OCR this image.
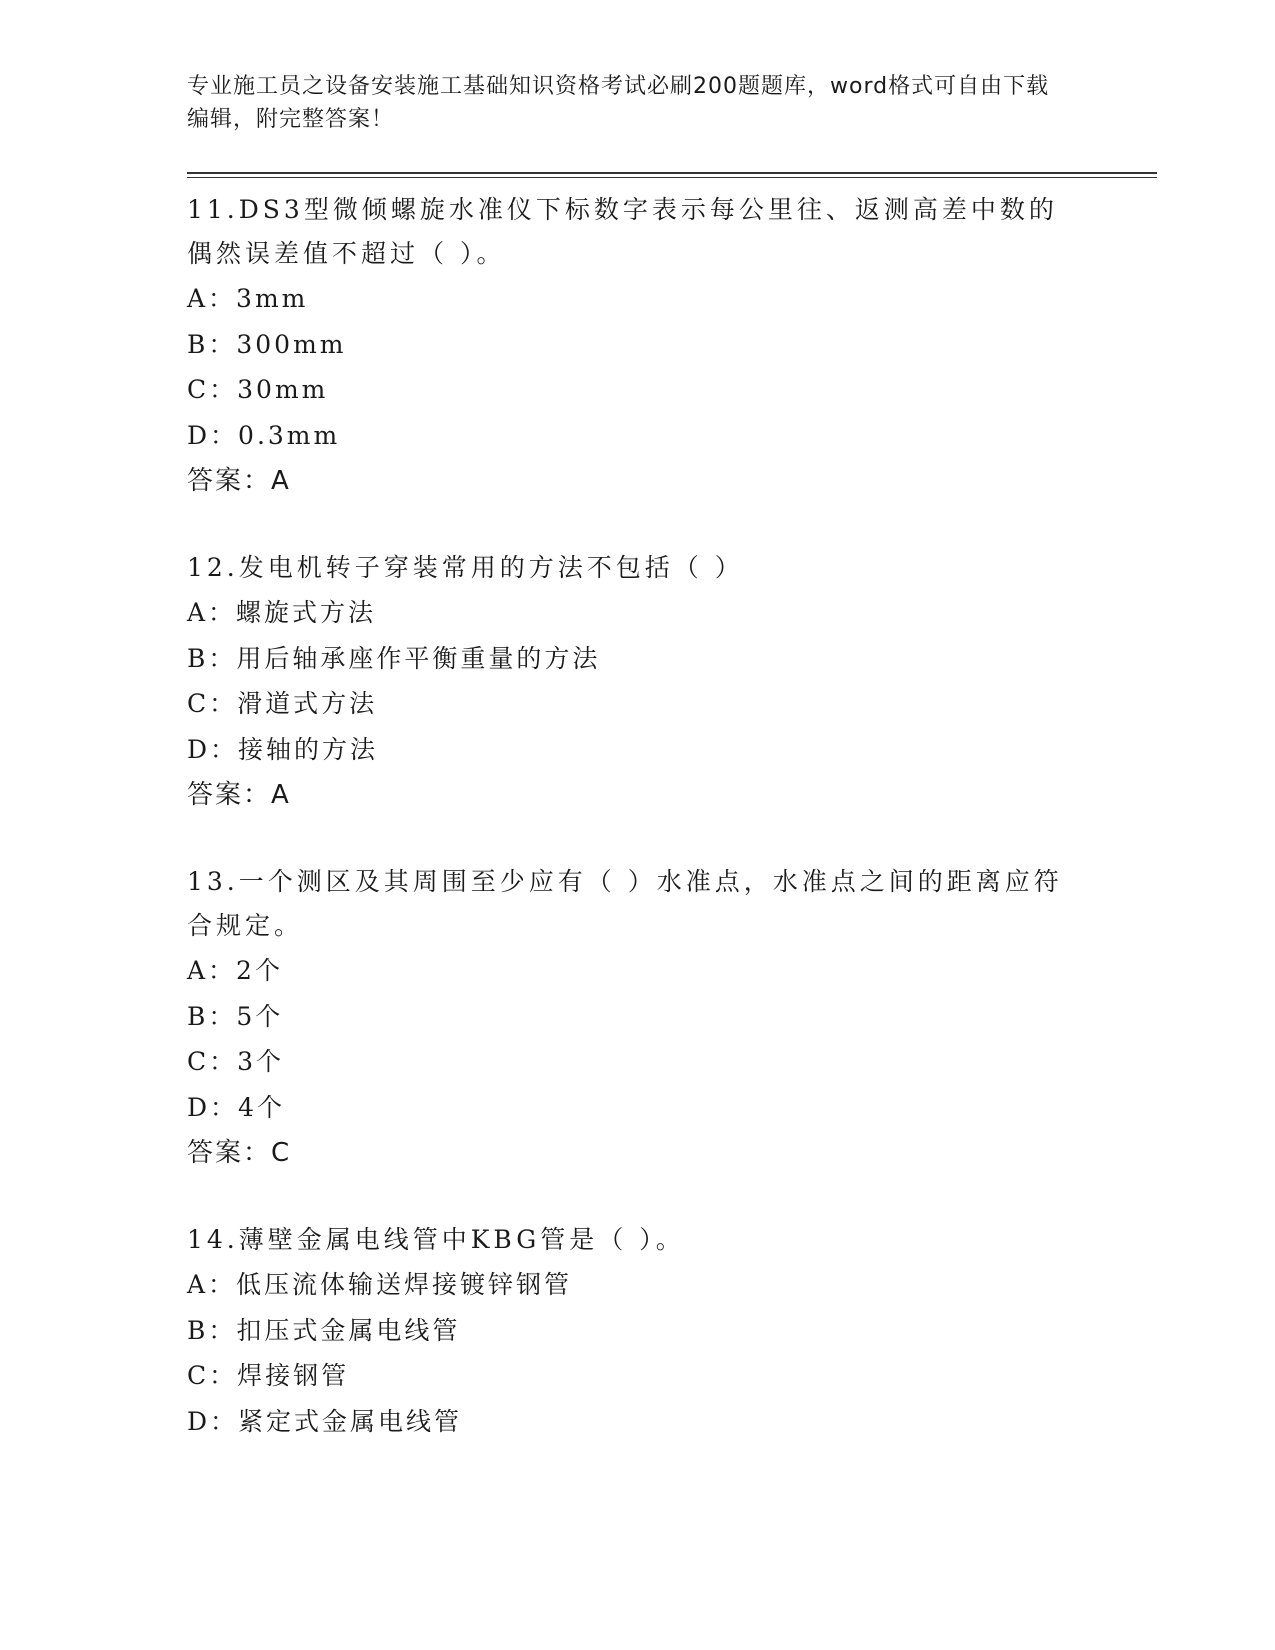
专业施工员之设备安装施工基础知识资格考试必刷200题题库，word格式可自由下载编辑，附完整答案！

11.DS3型微倾螺旋水准仪下标数字表示每公里往、返测高差中数的偶然误差值不超过（ ）。

A：3mm

B：300mm

C：30mm

D：0.3mm

答案：A

12.发电机转子穿装常用的方法不包括（ ）

A：螺旋式方法

B：用后轴承座作平衡重量的方法

C：滑道式方法

D：接轴的方法

答案：A

13.一个测区及其周围至少应有（ ）水准点，水准点之间的距离应符合规定。

A：2个

B：5个

C：3个

D：4个

答案：C

14.薄壁金属电线管中KBG管是（ ）。

A：低压流体输送焊接镀锌钢管

B：扣压式金属电线管

C：焊接钢管

D：紧定式金属电线管
